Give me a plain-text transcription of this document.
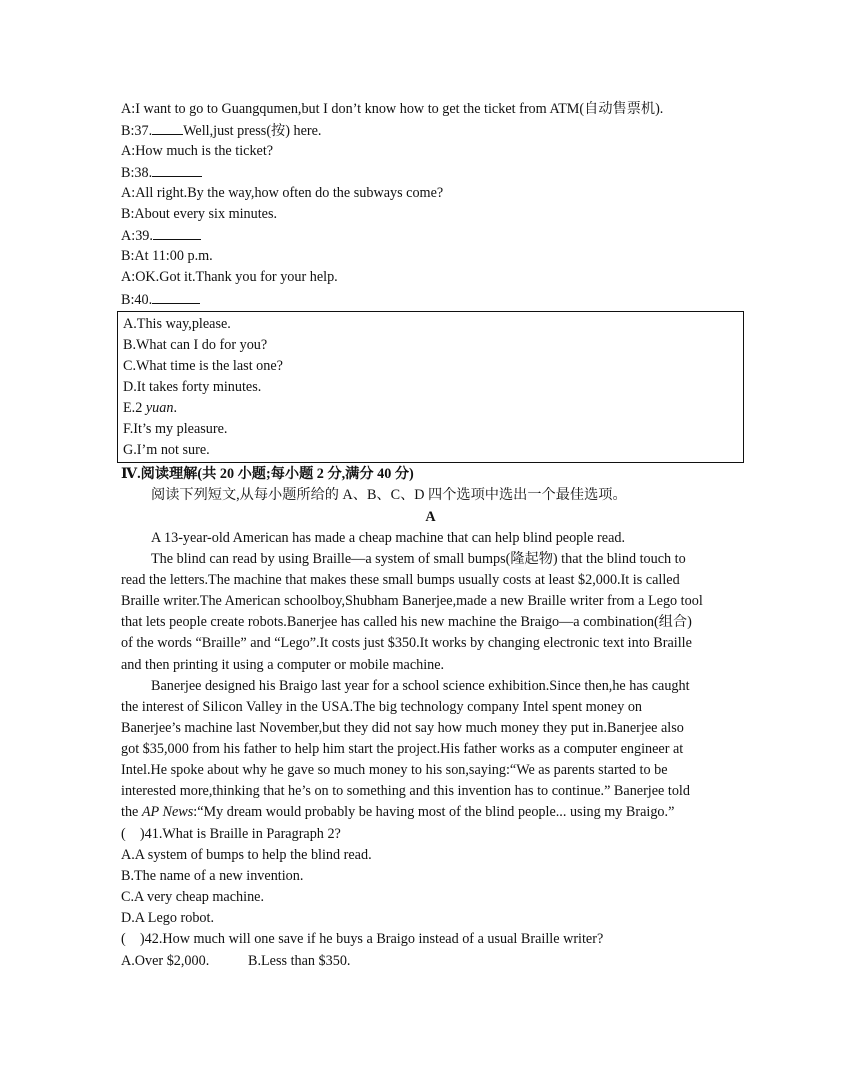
A:I want to go to Guangqumen,but I don’t know how to get the ticket from ATM(自动售票机).
B:37. Well,just press(按) here.
A:How much is the ticket?
B:38.
A:All right.By the way,how often do the subways come?
B:About every six minutes.
A:39.
B:At 11:00 p.m.
A:OK.Got it.Thank you for your help.
B:40.
A.This way,please.
B.What can I do for you?
C.What time is the last one?
D.It takes forty minutes.
E.2 yuan.
F.It’s my pleasure.
G.I’m not sure.
Ⅳ.阅读理解(共 20 小题;每小题 2 分,满分 40 分)
阅读下列短文,从每小题所给的 A、B、C、D 四个选项中选出一个最佳选项。
A
A 13-year-old American has made a cheap machine that can help blind people read.
The blind can read by using Braille—a system of small bumps(隆起物) that the blind touch to
read the letters.The machine that makes these small bumps usually costs at least $2,000.It is called
Braille writer.The American schoolboy,Shubham Banerjee,made a new Braille writer from a Lego tool
that lets people create robots.Banerjee has called his new machine the Braigo—a combination(组合)
of the words “Braille” and “Lego”.It costs just $350.It works by changing electronic text into Braille
and then printing it using a computer or mobile machine.
Banerjee designed his Braigo last year for a school science exhibition.Since then,he has caught
the interest of Silicon Valley in the USA.The big technology company Intel spent money on
Banerjee’s machine last November,but they did not say how much money they put in.Banerjee also
got $35,000 from his father to help him start the project.His father works as a computer engineer at
Intel.He spoke about why he gave so much money to his son,saying:“We as parents started to be
interested more,thinking that he’s on to something and this invention has to continue.” Banerjee told
the AP News:“My dream would probably be having most of the blind people... using my Braigo.”
(　)41.What is Braille in Paragraph 2?
A.A system of bumps to help the blind read.
B.The name of a new invention.
C.A very cheap machine.
D.A Lego robot.
(　)42.How much will one save if he buys a Braigo instead of a usual Braille writer?
A.Over $2,000.	B.Less than $350.
